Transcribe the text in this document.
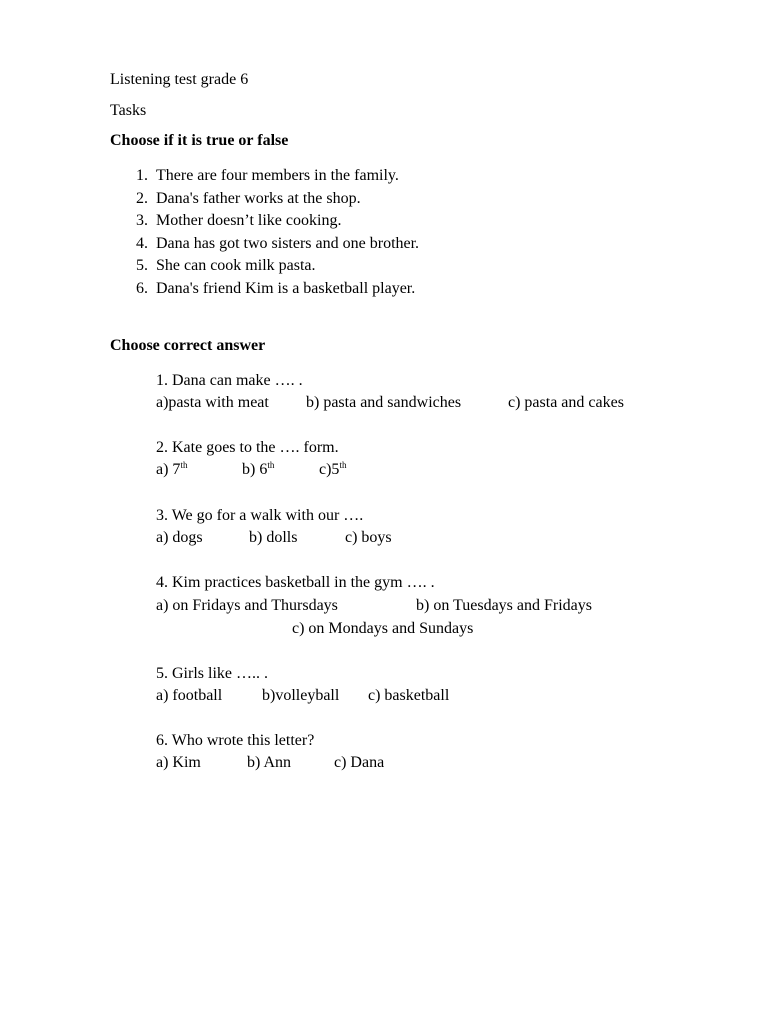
Listening test grade 6
Tasks
Choose if it is true or false
1. There are four members in the family.
2. Dana's father works at the shop.
3. Mother doesn’t like cooking.
4. Dana has got two sisters and one brother.
5. She can cook milk pasta.
6. Dana's friend Kim is a basketball player.
Choose correct answer
1. Dana can make …. .
a)pasta with meat b) pasta and sandwiches	c) pasta and cakes
2. Kate goes to the …. form.
a) 7th	b) 6th	c)5th
3. We go for a walk with our ….
a) dogs	b) dolls	c) boys
4. Kim practices basketball in the gym …. .
a) on Fridays and Thursdays	b) on Tuesdays and Fridays
c) on Mondays and Sundays
5. Girls like ….. .
a) football b)volleyball c) basketball
6. Who wrote this letter?
a) Kim	b) Ann	c) Dana
